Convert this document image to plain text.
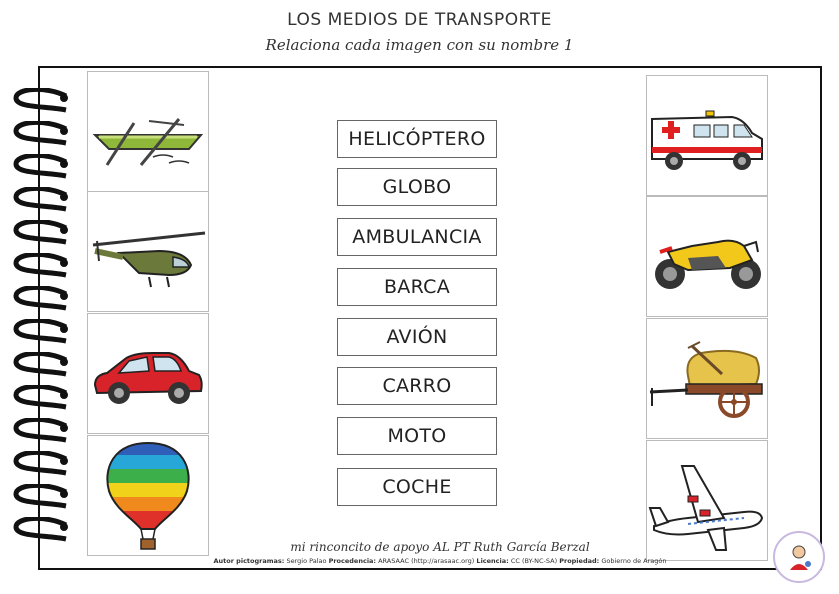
LOS MEDIOS DE TRANSPORTE
Relaciona cada imagen con su nombre 1
HELICÓPTERO
GLOBO
AMBULANCIA
BARCA
AVIÓN
CARRO
MOTO
COCHE
mi rinconcito de apoyo AL PT Ruth García Berzal
Autor pictogramas: Sergio Palao Procedencia: ARASAAC (http://arasaac.org) Licencia: CC (BY-NC-SA) Propiedad: Gobierno de Aragón
